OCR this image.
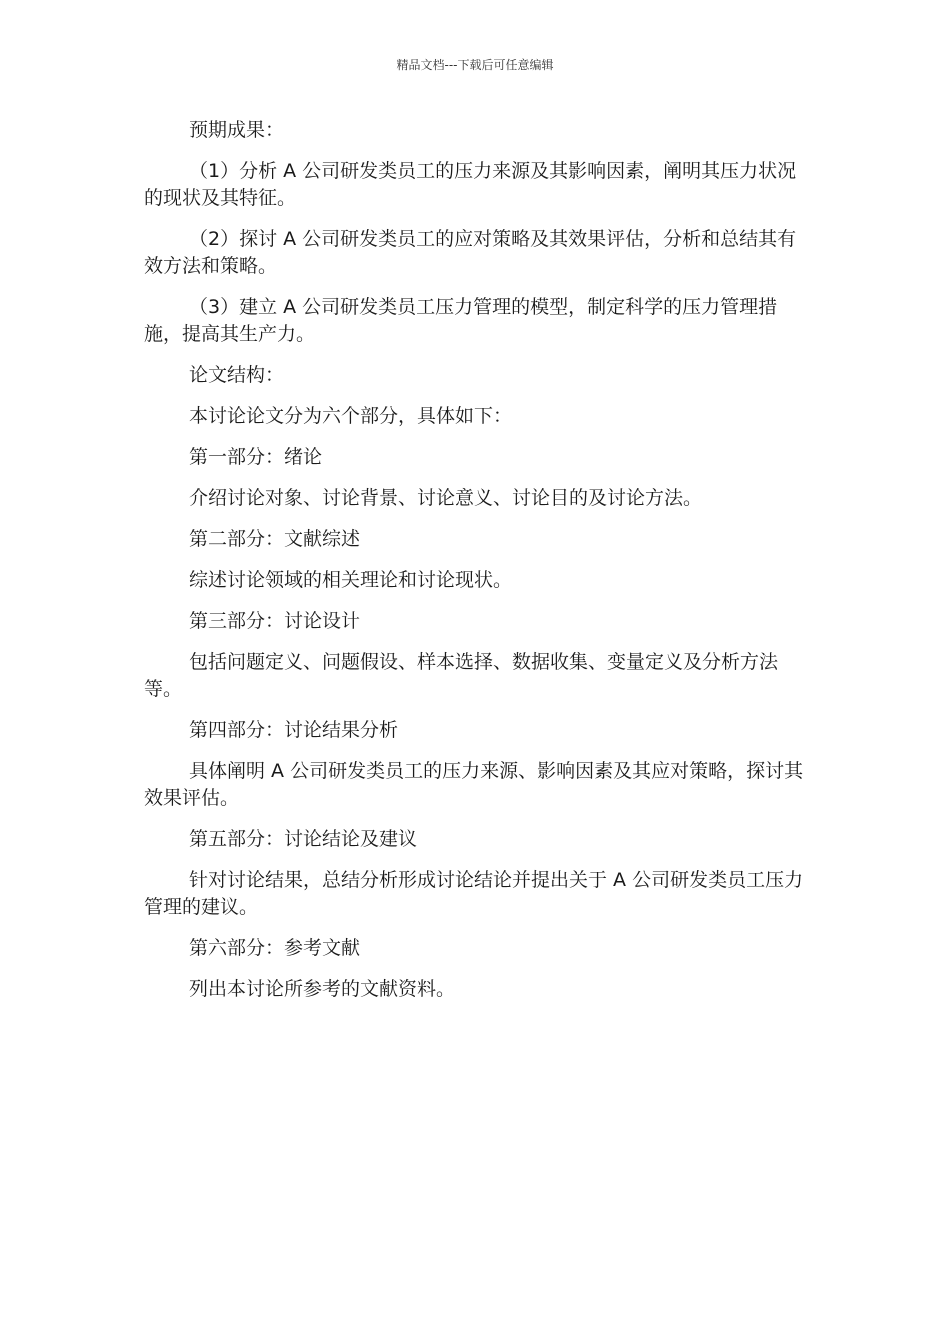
精品文档---下载后可任意编辑

预期成果：

（1）分析 A 公司研发类员工的压力来源及其影响因素，阐明其压力状况的现状及其特征。

（2）探讨 A 公司研发类员工的应对策略及其效果评估，分析和总结其有效方法和策略。

（3）建立 A 公司研发类员工压力管理的模型，制定科学的压力管理措施，提高其生产力。

论文结构：

本讨论论文分为六个部分，具体如下：

第一部分：绪论

介绍讨论对象、讨论背景、讨论意义、讨论目的及讨论方法。

第二部分：文献综述

综述讨论领域的相关理论和讨论现状。

第三部分：讨论设计

包括问题定义、问题假设、样本选择、数据收集、变量定义及分析方法等。

第四部分：讨论结果分析

具体阐明 A 公司研发类员工的压力来源、影响因素及其应对策略，探讨其效果评估。

第五部分：讨论结论及建议

针对讨论结果，总结分析形成讨论结论并提出关于 A 公司研发类员工压力管理的建议。

第六部分：参考文献

列出本讨论所参考的文献资料。
